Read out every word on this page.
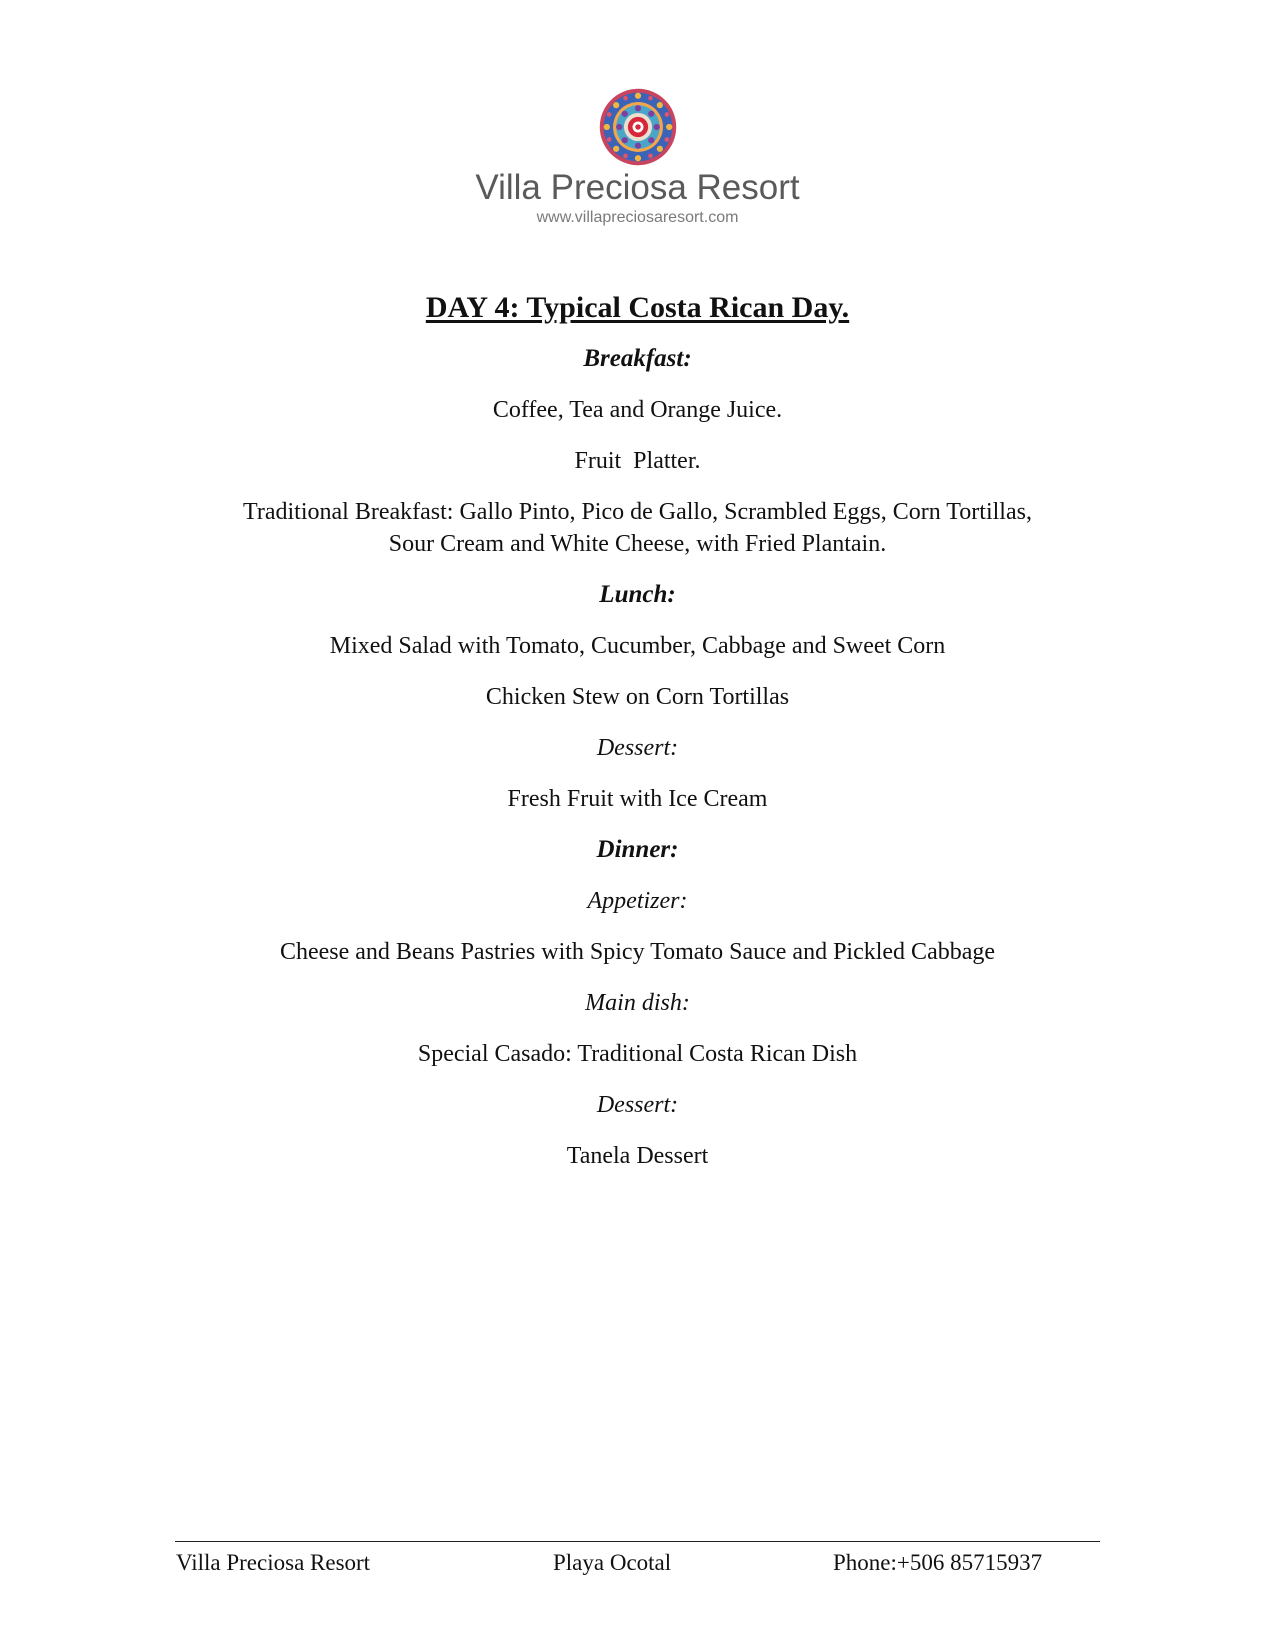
Villa Preciosa Resort
www.villapreciosaresort.com

DAY 4: Typical Costa Rican Day.

Breakfast:

Coffee, Tea and Orange Juice.

Fruit  Platter.

Traditional Breakfast: Gallo Pinto, Pico de Gallo, Scrambled Eggs, Corn Tortillas,

Sour Cream and White Cheese, with Fried Plantain.

Lunch:

Mixed Salad with Tomato, Cucumber, Cabbage and Sweet Corn

Chicken Stew on Corn Tortillas

Dessert:

Fresh Fruit with Ice Cream

Dinner:

Appetizer:

Cheese and Beans Pastries with Spicy Tomato Sauce and Pickled Cabbage

Main dish:

Special Casado: Traditional Costa Rican Dish

Dessert:

Tanela Dessert

Villa Preciosa Resort	Playa Ocotal	Phone:+506 85715937
